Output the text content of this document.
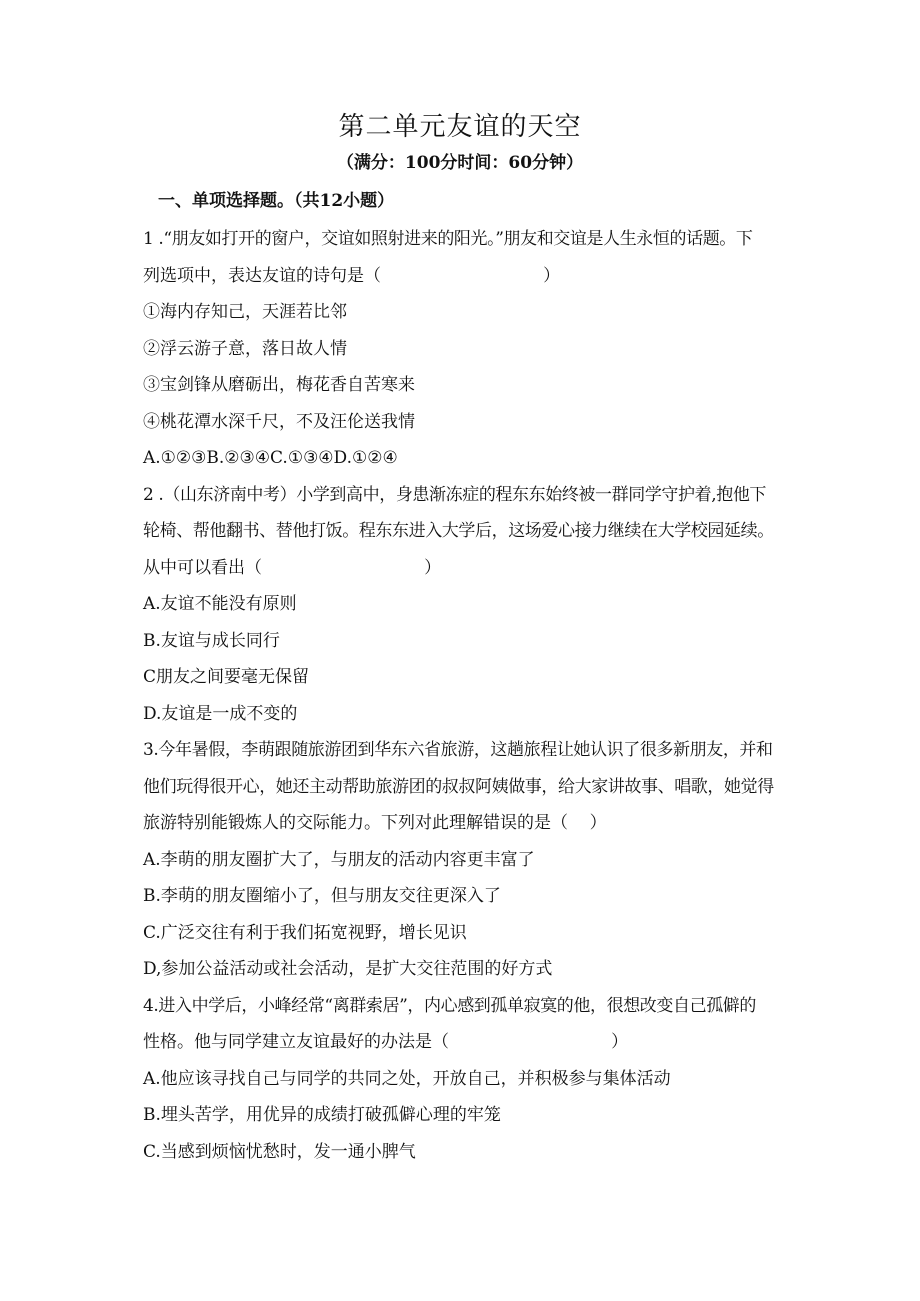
第二单元友谊的天空
（满分：100分时间：60分钟）
一、单项选择题。（共12小题）
1 .“朋友如打开的窗户，交谊如照射进来的阳光。”朋友和交谊是人生永恒的话题。下
列选项中，表达友谊的诗句是（                              ）
①海内存知己，天涯若比邻
②浮云游子意，落日故人情
③宝剑锋从磨砺出，梅花香自苦寒来
④桃花潭水深千尺，不及汪伦送我情
A.①②③B.②③④C.①③④D.①②④
2 .（山东济南中考）小学到高中，身患渐冻症的程东东始终被一群同学守护着,抱他下
轮椅、帮他翻书、替他打饭。程东东进入大学后，这场爱心接力继续在大学校园延续。
从中可以看出（                              ）
A.友谊不能没有原则
B.友谊与成长同行
C朋友之间要毫无保留
D.友谊是一成不变的
3.今年暑假，李萌跟随旅游团到华东六省旅游，这趟旅程让她认识了很多新朋友，并和
他们玩得很开心，她还主动帮助旅游团的叔叔阿姨做事，给大家讲故事、唱歌，她觉得
旅游特别能锻炼人的交际能力。下列对此理解错误的是（    ）
A.李萌的朋友圈扩大了，与朋友的活动内容更丰富了
B.李萌的朋友圈缩小了，但与朋友交往更深入了
C.广泛交往有利于我们拓宽视野，增长见识
D,参加公益活动或社会活动，是扩大交往范围的好方式
4.进入中学后，小峰经常“离群索居”，内心感到孤单寂寞的他，很想改变自己孤僻的
性格。他与同学建立友谊最好的办法是（                              ）
A.他应该寻找自己与同学的共同之处，开放自己，并积极参与集体活动
B.埋头苦学，用优异的成绩打破孤僻心理的牢笼
C.当感到烦恼忧愁时，发一通小脾气
